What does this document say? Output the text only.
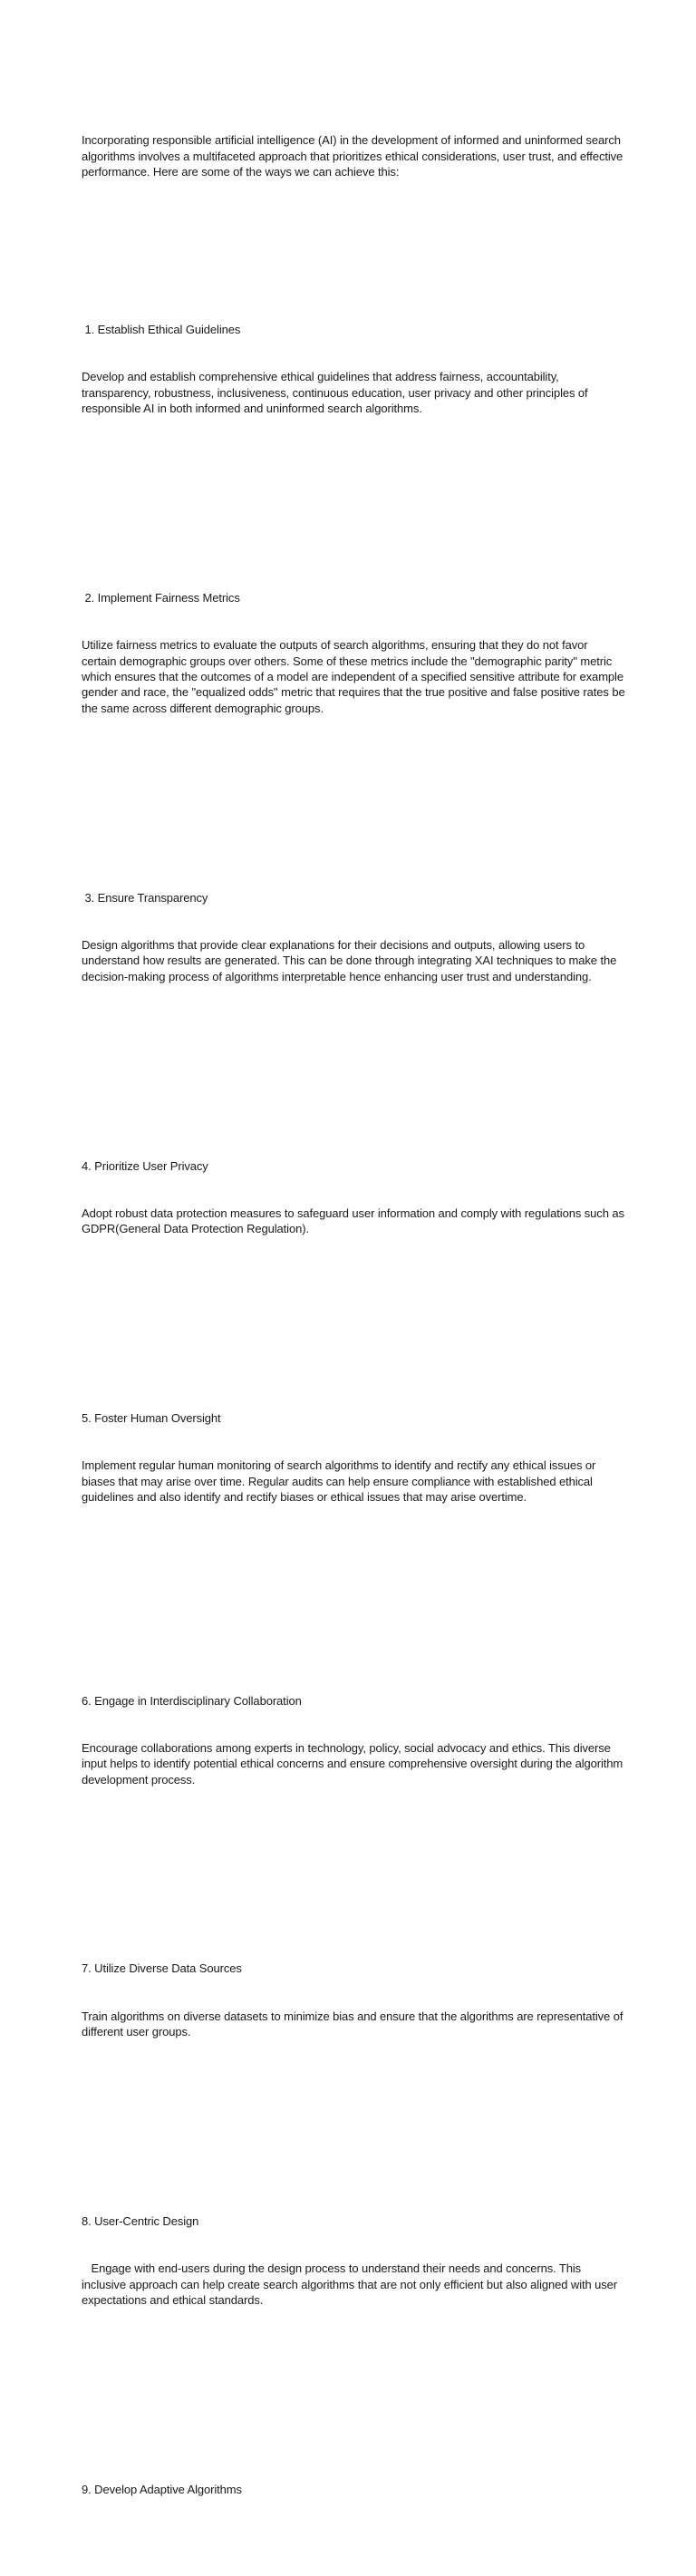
Incorporating responsible artificial intelligence (AI) in the development of informed and uninformed search algorithms involves a multifaceted approach that prioritizes ethical considerations, user trust, and effective performance. Here are some of the ways we can achieve this:

1. Establish Ethical Guidelines

Develop and establish comprehensive ethical guidelines that address fairness, accountability, transparency, robustness, inclusiveness, continuous education, user privacy and other principles of responsible AI in both informed and uninformed search algorithms.

2. Implement Fairness Metrics

Utilize fairness metrics to evaluate the outputs of search algorithms, ensuring that they do not favor certain demographic groups over others. Some of these metrics include the "demographic parity" metric which ensures that the outcomes of a model are independent of a specified sensitive attribute for example gender and race, the "equalized odds" metric that requires that the true positive and false positive rates be the same across different demographic groups.

3. Ensure Transparency

Design algorithms that provide clear explanations for their decisions and outputs, allowing users to understand how results are generated. This can be done through integrating XAI techniques to make the decision-making process of algorithms interpretable hence enhancing user trust and understanding.

4. Prioritize User Privacy

Adopt robust data protection measures to safeguard user information and comply with regulations such as GDPR(General Data Protection Regulation).

5. Foster Human Oversight

Implement regular human monitoring of search algorithms to identify and rectify any ethical issues or biases that may arise over time. Regular audits can help ensure compliance with established ethical guidelines and also identify and rectify biases or ethical issues that may arise overtime.

6. Engage in Interdisciplinary Collaboration

Encourage collaborations among experts in technology, policy, social advocacy and ethics. This diverse input helps to identify potential ethical concerns and ensure comprehensive oversight during the algorithm development process.

7. Utilize Diverse Data Sources

Train algorithms on diverse datasets to minimize bias and ensure that the algorithms are representative of different user groups.

8. User-Centric Design

Engage with end-users during the design process to understand their needs and concerns. This inclusive approach can help create search algorithms that are not only efficient but also aligned with user expectations and ethical standards.

9. Develop Adaptive Algorithms
